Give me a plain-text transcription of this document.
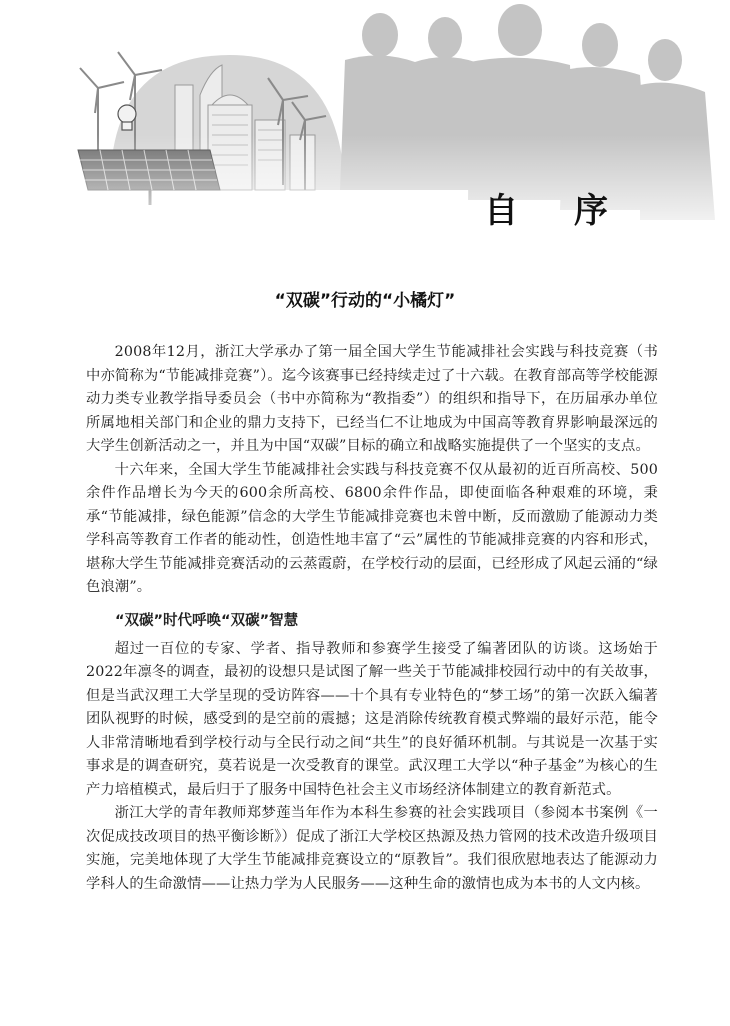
自 序
“双碳”行动的“小橘灯”

2008年12月，浙江大学承办了第一届全国大学生节能减排社会实践与科技竞赛（书中亦简称为“节能减排竞赛”）。迄今该赛事已经持续走过了十六载。在教育部高等学校能源动力类专业教学指导委员会（书中亦简称为“教指委”）的组织和指导下，在历届承办单位所属地相关部门和企业的鼎力支持下，已经当仁不让地成为中国高等教育界影响最深远的大学生创新活动之一，并且为中国“双碳”目标的确立和战略实施提供了一个坚实的支点。

十六年来，全国大学生节能减排社会实践与科技竞赛不仅从最初的近百所高校、500余件作品增长为今天的600余所高校、6800余件作品，即使面临各种艰难的环境，秉承“节能减排，绿色能源”信念的大学生节能减排竞赛也未曾中断，反而激励了能源动力类学科高等教育工作者的能动性，创造性地丰富了“云”属性的节能减排竞赛的内容和形式，堪称大学生节能减排竞赛活动的云蒸霞蔚，在学校行动的层面，已经形成了风起云涌的“绿色浪潮”。

“双碳”时代呼唤“双碳”智慧

超过一百位的专家、学者、指导教师和参赛学生接受了编著团队的访谈。这场始于2022年凛冬的调查，最初的设想只是试图了解一些关于节能减排校园行动中的有关故事，但是当武汉理工大学呈现的受访阵容——十个具有专业特色的“梦工场”的第一次跃入编著团队视野的时候，感受到的是空前的震撼；这是消除传统教育模式弊端的最好示范，能令人非常清晰地看到学校行动与全民行动之间“共生”的良好循环机制。与其说是一次基于实事求是的调查研究，莫若说是一次受教育的课堂。武汉理工大学以“种子基金”为核心的生产力培植模式，最后归于了服务中国特色社会主义市场经济体制建立的教育新范式。

浙江大学的青年教师郑梦莲当年作为本科生参赛的社会实践项目（参阅本书案例《一次促成技改项目的热平衡诊断》）促成了浙江大学校区热源及热力管网的技术改造升级项目实施，完美地体现了大学生节能减排竞赛设立的“原教旨”。我们很欣慰地表达了能源动力学科人的生命激情——让热力学为人民服务——这种生命的激情也成为本书的人文内核。
